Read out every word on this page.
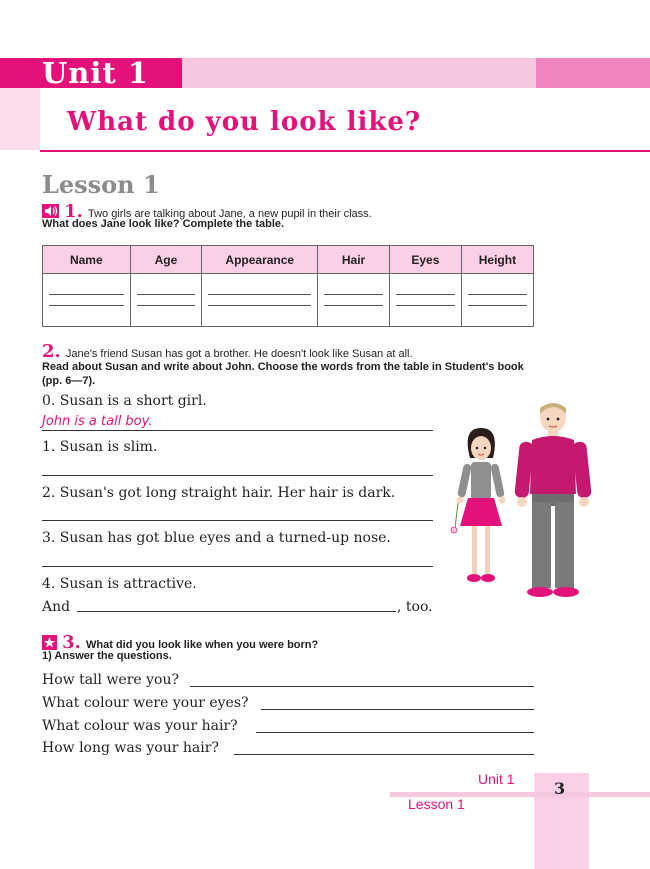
Unit 1
What do you look like?
Lesson 1
1. Two girls are talking about Jane, a new pupil in their class.
What does Jane look like? Complete the table.
Name	Age	Appearance	Hair	Eyes	Height

2. Jane's friend Susan has got a brother. He doesn't look like Susan at all.
Read about Susan and write about John. Choose the words from the table in Student's book (pp. 6—7).
0. Susan is a short girl.
John is a tall boy.
1. Susan is slim.
2. Susan's got long straight hair. Her hair is dark.
3. Susan has got blue eyes and a turned-up nose.
4. Susan is attractive.
And	, too.
3. What did you look like when you were born?
1) Answer the questions.
How tall were you?
What colour were your eyes?
What colour was your hair?
How long was your hair?
Unit 1
Lesson 1
3
